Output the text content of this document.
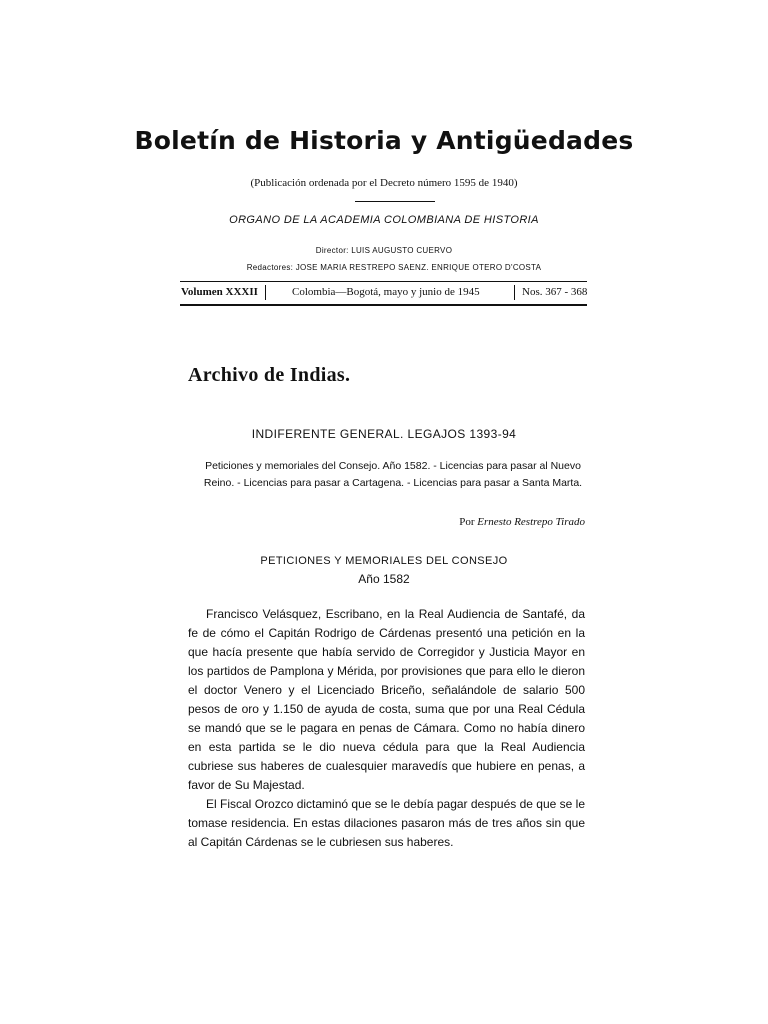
Boletín de Historia y Antigüedades
(Publicación ordenada por el Decreto número 1595 de 1940)
ORGANO DE LA ACADEMIA COLOMBIANA DE HISTORIA
Director: LUIS AUGUSTO CUERVO
Redactores: JOSE MARIA RESTREPO SAENZ. ENRIQUE OTERO D'COSTA
Volumen XXXII	Colombia—Bogotá, mayo y junio de 1945	Nos. 367 - 368
Archivo de Indias.
INDIFERENTE GENERAL. LEGAJOS 1393-94
Peticiones y memoriales del Consejo. Año 1582. - Licencias para pasar al Nuevo Reino. - Licencias para pasar a Cartagena. - Licencias para pasar a Santa Marta.
Por Ernesto Restrepo Tirado
PETICIONES Y MEMORIALES DEL CONSEJO
Año 1582

Francisco Velásquez, Escribano, en la Real Audiencia de Santafé, da fe de cómo el Capitán Rodrigo de Cárdenas presentó una petición en la que hacía presente que había servido de Corregidor y Justicia Mayor en los partidos de Pamplona y Mérida, por provisiones que para ello le dieron el doctor Venero y el Licenciado Briceño, señalándole de salario 500 pesos de oro y 1.150 de ayuda de costa, suma que por una Real Cédula se mandó que se le pagara en penas de Cámara. Como no había dinero en esta partida se le dio nueva cédula para que la Real Audiencia cubriese sus haberes de cualesquier maravedís que hubiere en penas, a favor de Su Majestad.

El Fiscal Orozco dictaminó que se le debía pagar después de que se le tomase residencia. En estas dilaciones pasaron más de tres años sin que al Capitán Cárdenas se le cubriesen sus haberes.
